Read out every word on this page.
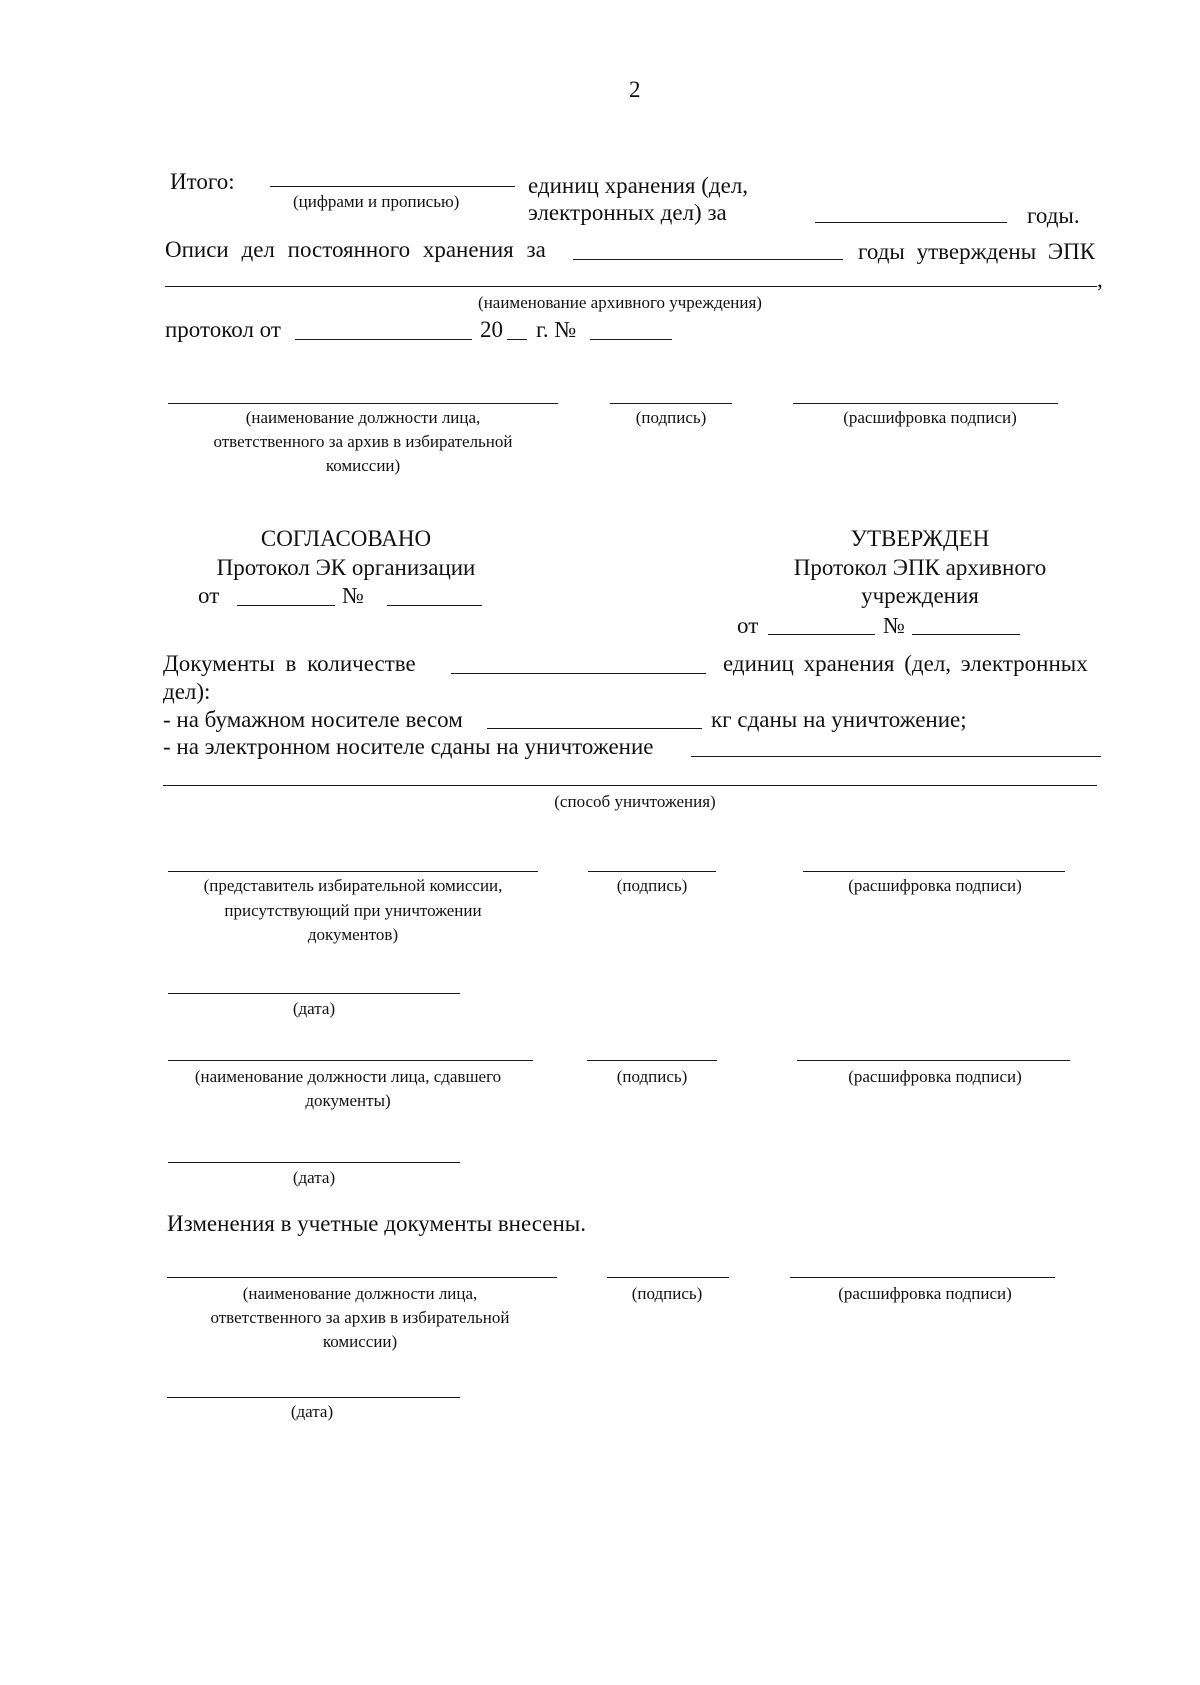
2
Итого:
(цифрами и прописью)
единиц хранения (дел,
электронных дел) за	годы.
Описи дел постоянного хранения за	годы утверждены ЭПК
,
(наименование архивного учреждения)
протокол от	20 г. №
(наименование должности лица,
ответственного за архив в избирательной
комиссии)
(подпись)	(расшифровка подписи)
СОГЛАСОВАНО
Протокол ЭК организации
от	№
УТВЕРЖДЕН
Протокол ЭПК архивного
учреждения
от	№
Документы в количестве	единиц хранения (дел, электронных
дел):
- на бумажном носителе весом	кг сданы на уничтожение;
- на электронном носителе сданы на уничтожение
(способ уничтожения)
(представитель избирательной комиссии,
присутствующий при уничтожении
документов)
(подпись)	(расшифровка подписи)
(дата)
(наименование должности лица, сдавшего
документы)
(подпись)	(расшифровка подписи)
(дата)
Изменения в учетные документы внесены.
(наименование должности лица,
ответственного за архив в избирательной
комиссии)
(подпись)	(расшифровка подписи)
(дата)
